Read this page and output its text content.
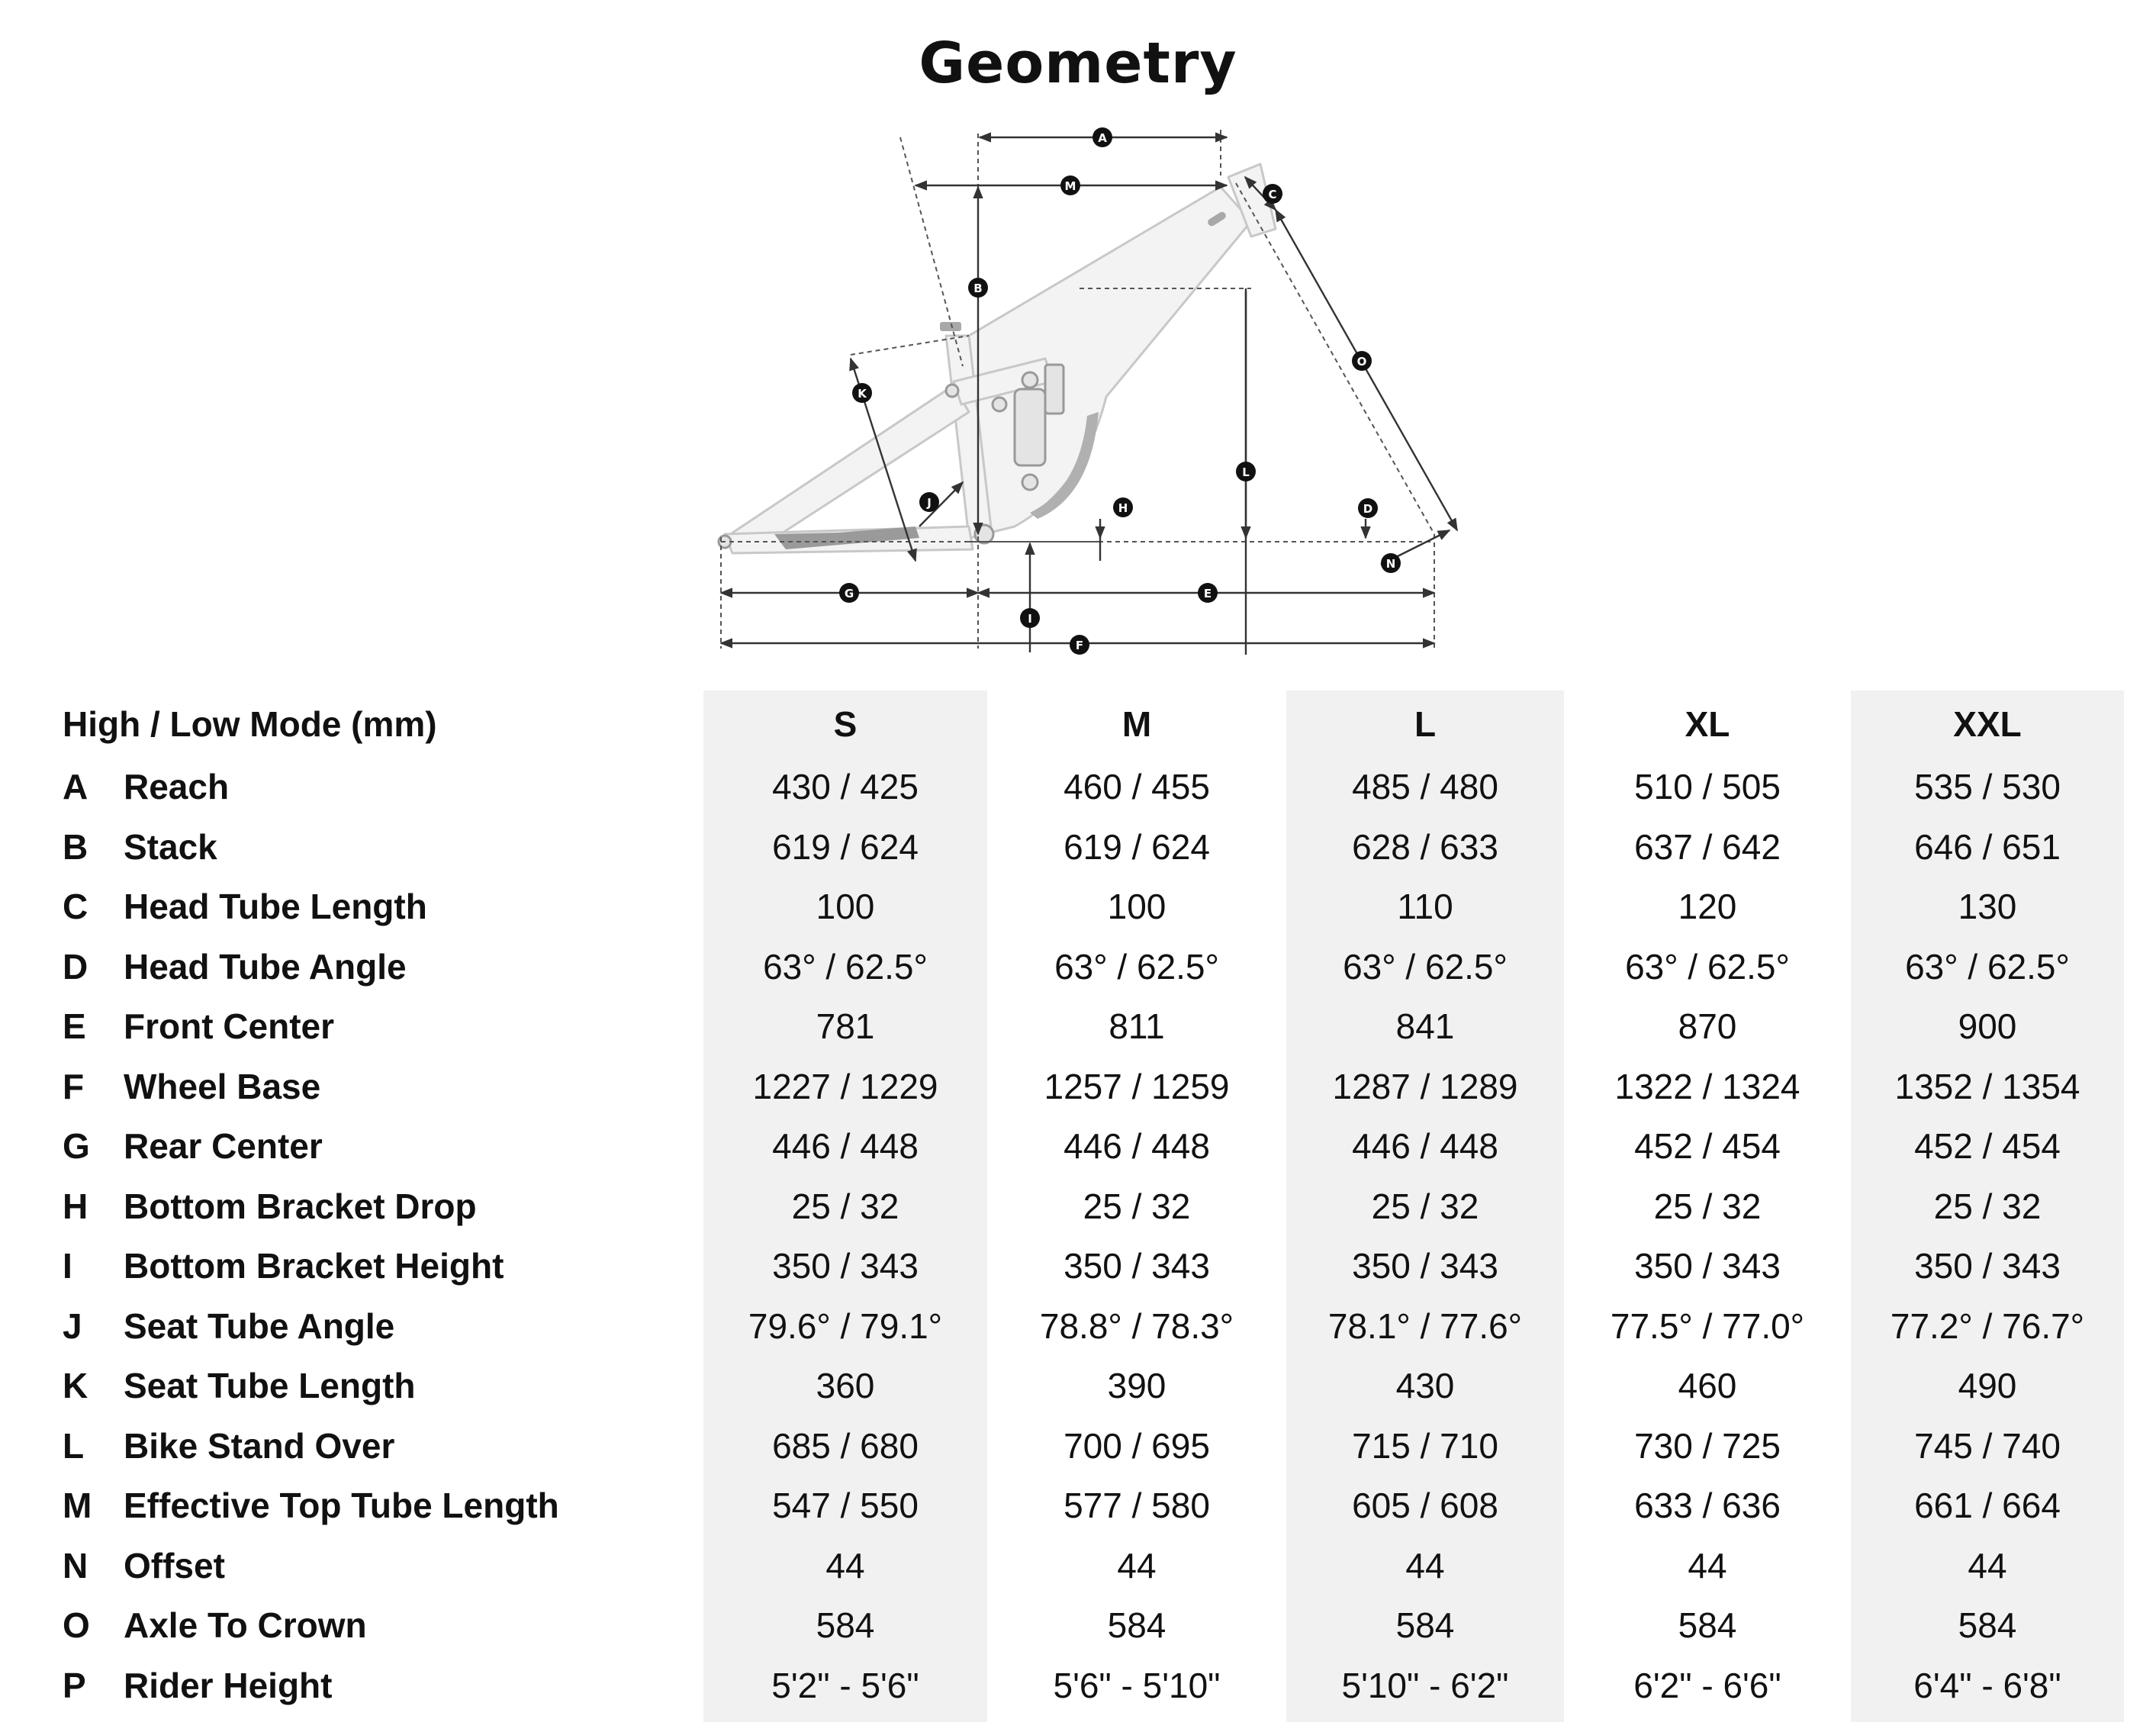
Geometry
A
M
C
B
O
K
L
J	H	D
N
G	E
I
F
High / Low Mode (mm)	S	M	L	XL	XXL
A Reach	430 / 425	460 / 455	485 / 480	510 / 505	535 / 530
B Stack	619 / 624	619 / 624	628 / 633	637 / 642	646 / 651
C Head Tube Length	100	100	110	120	130
D Head Tube Angle	63° / 62.5°	63° / 62.5°	63° / 62.5°	63° / 62.5°	63° / 62.5°
E Front Center	781	811	841	870	900
F Wheel Base	1227 / 1229	1257 / 1259	1287 / 1289	1322 / 1324	1352 / 1354
G Rear Center	446 / 448	446 / 448	446 / 448	452 / 454	452 / 454
H Bottom Bracket Drop	25 / 32	25 / 32	25 / 32	25 / 32	25 / 32
I Bottom Bracket Height	350 / 343	350 / 343	350 / 343	350 / 343	350 / 343
J Seat Tube Angle	79.6° / 79.1°	78.8° / 78.3°	78.1° / 77.6°	77.5° / 77.0°	77.2° / 76.7°
K Seat Tube Length	360	390	430	460	490
L Bike Stand Over	685 / 680	700 / 695	715 / 710	730 / 725	745 / 740
M Effective Top Tube Length	547 / 550	577 / 580	605 / 608	633 / 636	661 / 664
N Offset	44	44	44	44	44
O Axle To Crown	584	584	584	584	584
P Rider Height	5'2" - 5'6"	5'6" - 5'10"	5'10" - 6'2"	6'2" - 6'6"	6'4" - 6'8"
